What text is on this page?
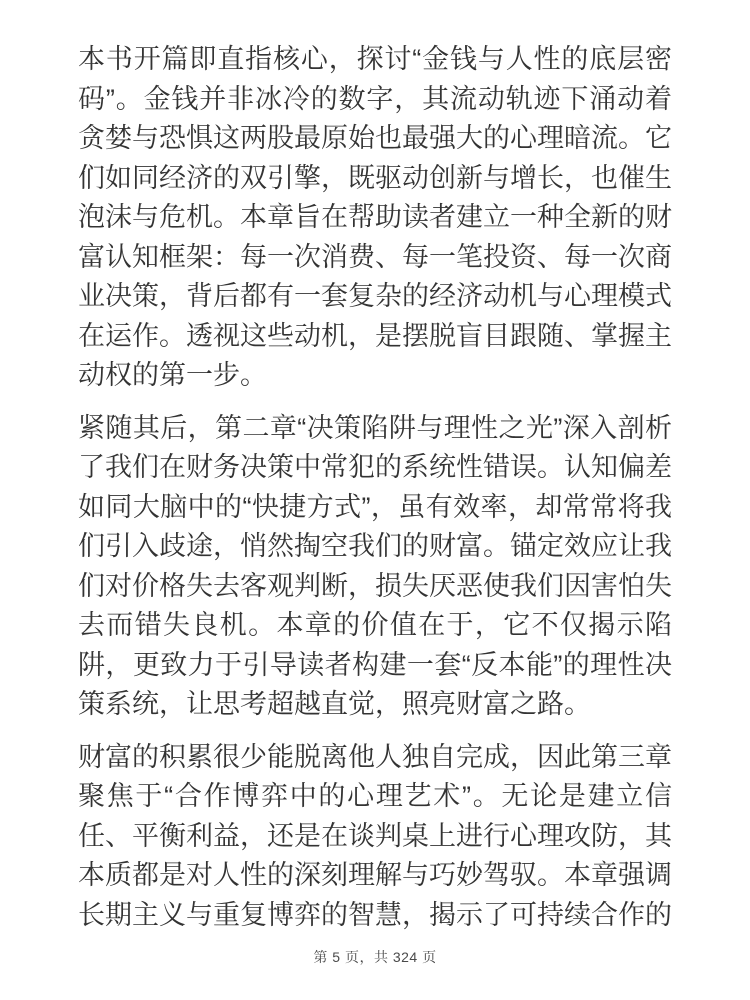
本书开篇即直指核心，探讨“金钱与人性的底层密码”。金钱并非冰冷的数字，其流动轨迹下涌动着贪婪与恐惧这两股最原始也最强大的心理暗流。它们如同经济的双引擎，既驱动创新与增长，也催生泡沫与危机。本章旨在帮助读者建立一种全新的财富认知框架：每一次消费、每一笔投资、每一次商业决策，背后都有一套复杂的经济动机与心理模式在运作。透视这些动机，是摆脱盲目跟随、掌握主动权的第一步。

紧随其后，第二章“决策陷阱与理性之光”深入剖析了我们在财务决策中常犯的系统性错误。认知偏差如同大脑中的“快捷方式”，虽有效率，却常常将我们引入歧途，悄然掏空我们的财富。锚定效应让我们对价格失去客观判断，损失厌恶使我们因害怕失去而错失良机。本章的价值在于，它不仅揭示陷阱，更致力于引导读者构建一套“反本能”的理性决策系统，让思考超越直觉，照亮财富之路。

财富的积累很少能脱离他人独自完成，因此第三章聚焦于“合作博弈中的心理艺术”。无论是建立信任、平衡利益，还是在谈判桌上进行心理攻防，其本质都是对人性的深刻理解与巧妙驾驭。本章强调长期主义与重复博弈的智慧，揭示了可持续合作的

第 5 页，共 324 页
